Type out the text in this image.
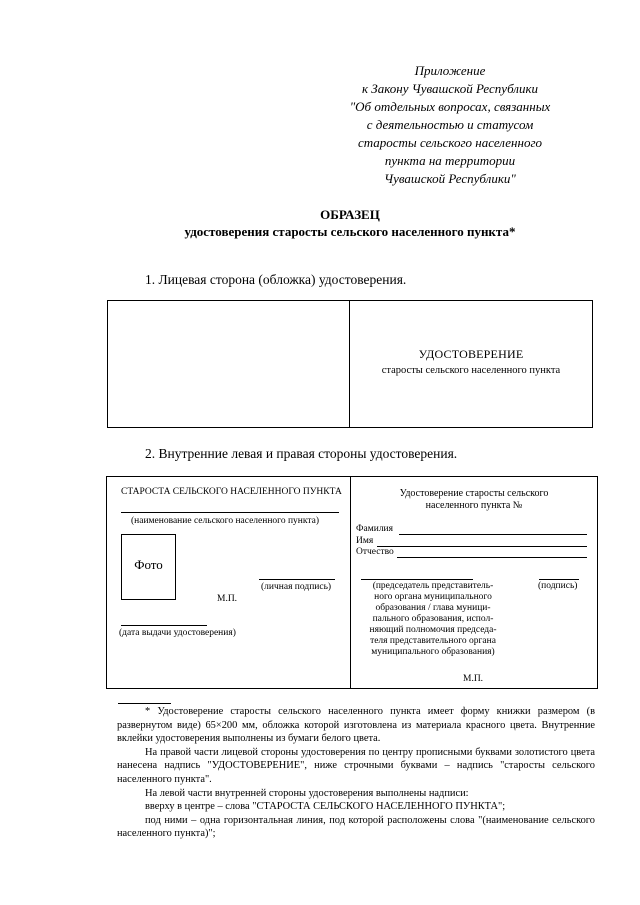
Приложение
к Закону Чувашской Республики
"Об отдельных вопросах, связанных
с деятельностью и статусом
старосты сельского населенного
пункта на территории
Чувашской Республики"
ОБРАЗЕЦ
удостоверения старосты сельского населенного пункта*
1. Лицевая сторона (обложка) удостоверения.
УДОСТОВЕРЕНИЕ
старосты сельского населенного пункта
2. Внутренние левая и правая стороны удостоверения.
СТАРОСТА СЕЛЬСКОГО НАСЕЛЕННОГО ПУНКТА
(наименование сельского населенного пункта)
Фото
(личная подпись)
М.П.
(дата выдачи удостоверения)
Удостоверение старосты сельского
населенного пункта №
Фамилия
Имя
Отчество
(председатель представитель-
ного органа муниципального
образования / глава муници-
пального образования, испол-
няющий полномочия председа-
теля представительного органа
муниципального образования)
(подпись)
М.П.

* Удостоверение старосты сельского населенного пункта имеет форму книжки размером (в развернутом виде) 65×200 мм, обложка которой изготовлена из материала красного цвета. Внутренние вклейки удостоверения выполнены из бумаги белого цвета.

На правой части лицевой стороны удостоверения по центру прописными буквами золотистого цвета нанесена надпись "УДОСТОВЕРЕНИЕ", ниже строчными буквами – надпись "старосты сельского населенного пункта".

На левой части внутренней стороны удостоверения выполнены надписи:

вверху в центре – слова "СТАРОСТА СЕЛЬСКОГО НАСЕЛЕННОГО ПУНКТА";

под ними – одна горизонтальная линия, под которой расположены слова "(наименование сельского населенного пункта)";
